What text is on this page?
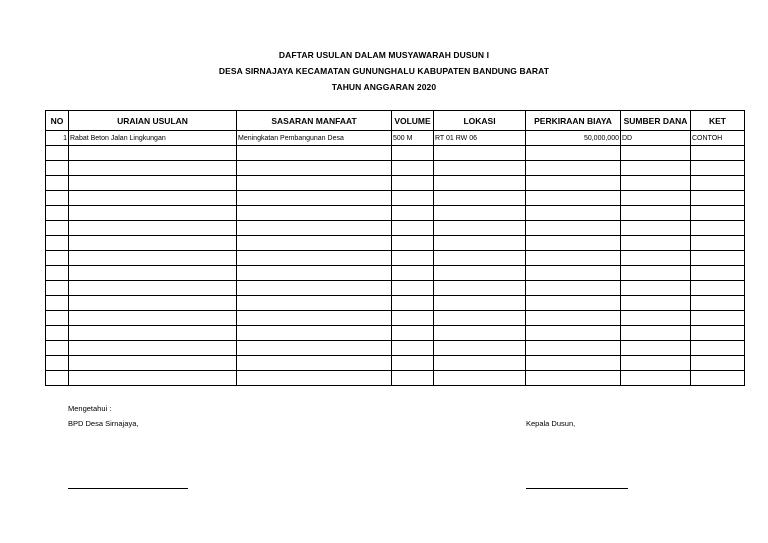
DAFTAR USULAN DALAM MUSYAWARAH DUSUN I
DESA SIRNAJAYA KECAMATAN GUNUNGHALU KABUPATEN BANDUNG BARAT
TAHUN ANGGARAN 2020
NO	URAIAN USULAN	SASARAN MANFAAT	VOLUME	LOKASI	PERKIRAAN BIAYA	SUMBER DANA	KET
1	Rabat Beton Jalan Lingkungan	Meningkatan Pembangunan Desa	500 M	RT 01 RW 06	50,000,000	DD	CONTOH

Mengetahui :
BPD Desa Sirnajaya,	Kepala Dusun,
